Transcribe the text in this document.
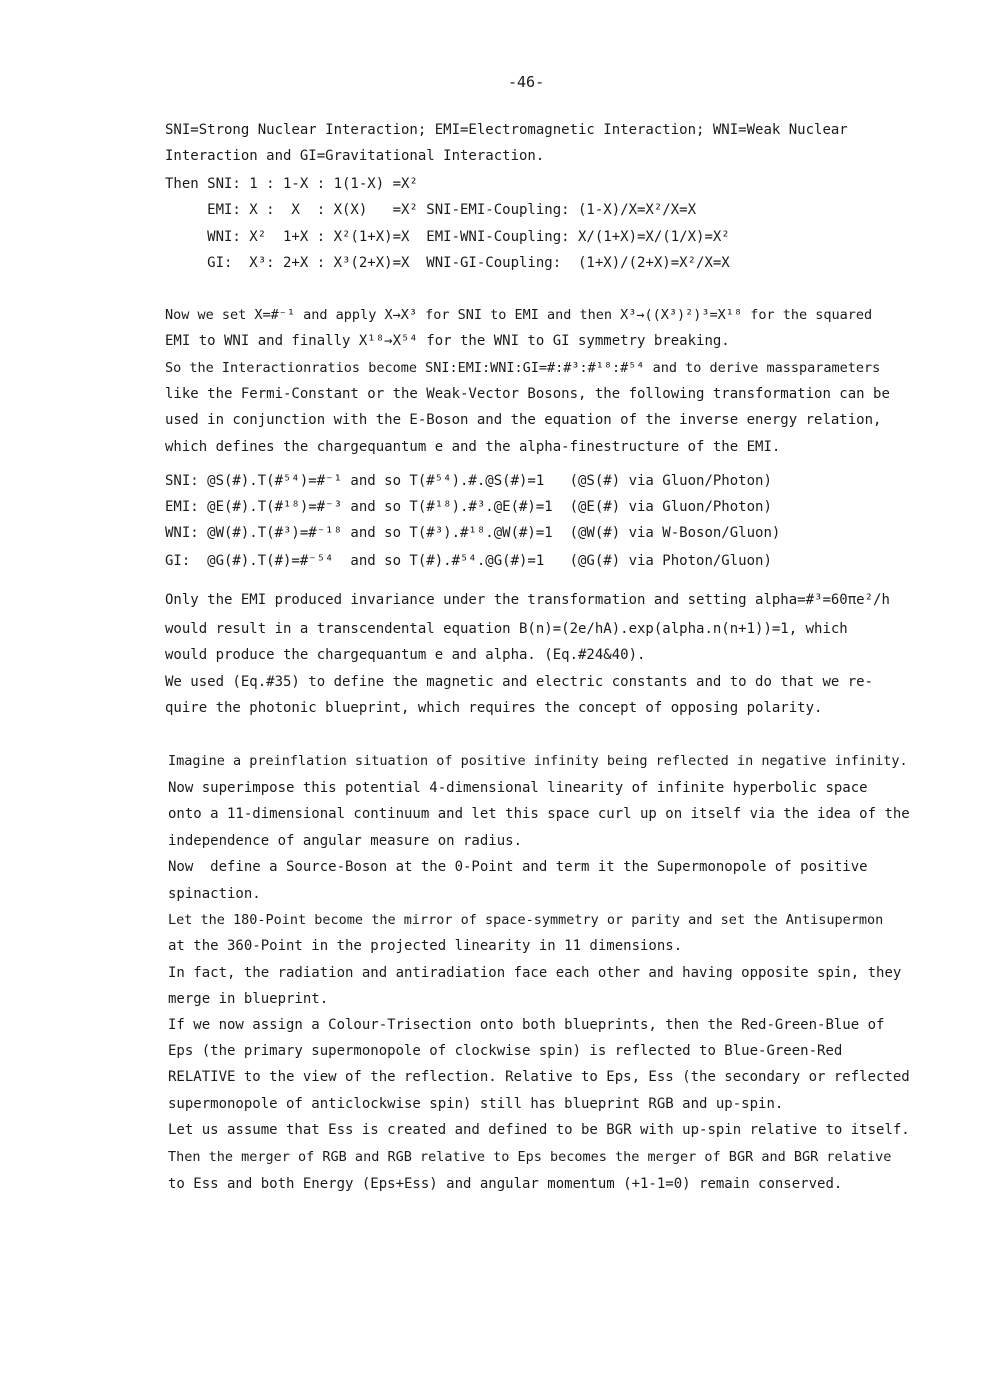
-46-
SNI=Strong Nuclear Interaction; EMI=Electromagnetic Interaction; WNI=Weak Nuclear
Interaction and GI=Gravitational Interaction.
Then SNI: 1 : 1-X : 1(1-X) =X²
EMI: X :  X  : X(X)   =X² SNI-EMI-Coupling: (1-X)/X=X²/X=X
WNI: X²  1+X : X²(1+X)=X  EMI-WNI-Coupling: X/(1+X)=X/(1/X)=X²
GI:  X³: 2+X : X³(2+X)=X  WNI-GI-Coupling:  (1+X)/(2+X)=X²/X=X
Now we set X=#⁻¹ and apply X→X³ for SNI to EMI and then X³→((X³)²)³=X¹⁸ for the squared
EMI to WNI and finally X¹⁸→X⁵⁴ for the WNI to GI symmetry breaking.
So the Interactionratios become SNI:EMI:WNI:GI=#:#³:#¹⁸:#⁵⁴ and to derive massparameters
like the Fermi-Constant or the Weak-Vector Bosons, the following transformation can be
used in conjunction with the E-Boson and the equation of the inverse energy relation,
which defines the chargequantum e and the alpha-finestructure of the EMI.
SNI: @S(#).T(#⁵⁴)=#⁻¹ and so T(#⁵⁴).#.@S(#)=1   (@S(#) via Gluon/Photon)
EMI: @E(#).T(#¹⁸)=#⁻³ and so T(#¹⁸).#³.@E(#)=1  (@E(#) via Gluon/Photon)
WNI: @W(#).T(#³)=#⁻¹⁸ and so T(#³).#¹⁸.@W(#)=1  (@W(#) via W-Boson/Gluon)
GI:  @G(#).T(#)=#⁻⁵⁴  and so T(#).#⁵⁴.@G(#)=1   (@G(#) via Photon/Gluon)
Only the EMI produced invariance under the transformation and setting alpha=#³=60πe²/h
would result in a transcendental equation B(n)=(2e/hA).exp(alpha.n(n+1))=1, which
would produce the chargequantum e and alpha. (Eq.#24&40).
We used (Eq.#35) to define the magnetic and electric constants and to do that we re-
quire the photonic blueprint, which requires the concept of opposing polarity.
Imagine a preinflation situation of positive infinity being reflected in negative infinity.
Now superimpose this potential 4-dimensional linearity of infinite hyperbolic space
onto a 11-dimensional continuum and let this space curl up on itself via the idea of the
independence of angular measure on radius.
Now  define a Source-Boson at the 0-Point and term it the Supermonopole of positive
spinaction.
Let the 180-Point become the mirror of space-symmetry or parity and set the Antisupermon
at the 360-Point in the projected linearity in 11 dimensions.
In fact, the radiation and antiradiation face each other and having opposite spin, they
merge in blueprint.
If we now assign a Colour-Trisection onto both blueprints, then the Red-Green-Blue of
Eps (the primary supermonopole of clockwise spin) is reflected to Blue-Green-Red
RELATIVE to the view of the reflection. Relative to Eps, Ess (the secondary or reflected
supermonopole of anticlockwise spin) still has blueprint RGB and up-spin.
Let us assume that Ess is created and defined to be BGR with up-spin relative to itself.
Then the merger of RGB and RGB relative to Eps becomes the merger of BGR and BGR relative
to Ess and both Energy (Eps+Ess) and angular momentum (+1-1=0) remain conserved.
